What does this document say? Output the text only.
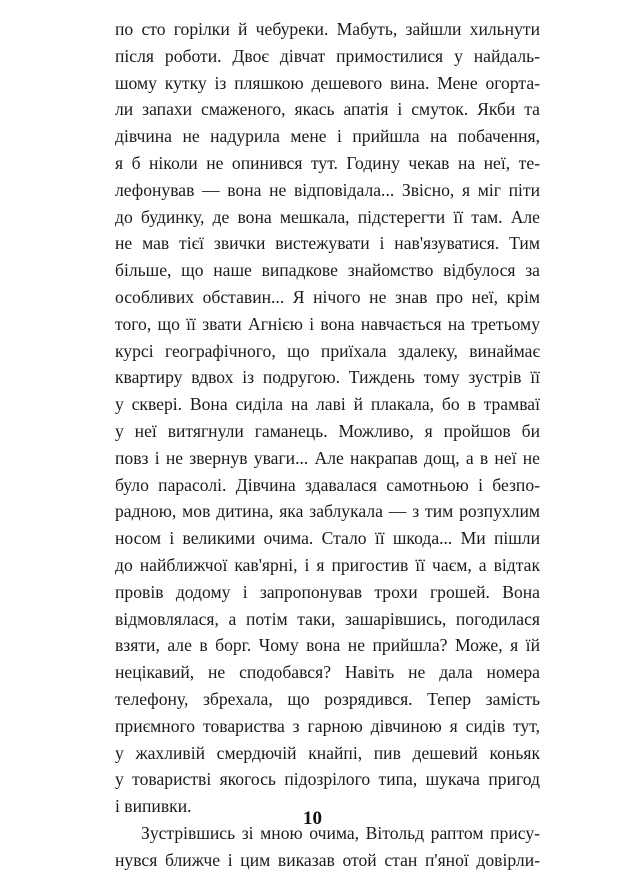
по сто горілки й чебуреки. Мабуть, зайшли хильнути
після роботи. Двоє дівчат примостилися у найдаль-
шому кутку із пляшкою дешевого вина. Мене огорта-
ли запахи смаженого, якась апатія і смуток. Якби та
дівчина не надурила мене і прийшла на побачення,
я б ніколи не опинився тут. Годину чекав на неї, те-
лефонував — вона не відповідала... Звісно, я міг піти
до будинку, де вона мешкала, підстерегти її там. Але
не мав тієї звички вистежувати і нав'язуватися. Тим
більше, що наше випадкове знайомство відбулося за
особливих обставин... Я нічого не знав про неї, крім
того, що її звати Агнією і вона навчається на третьому
курсі географічного, що приїхала здалеку, винаймає
квартиру вдвох із подругою. Тиждень тому зустрів її
у сквері. Вона сиділа на лаві й плакала, бо в трамваї
у неї витягнули гаманець. Можливо, я пройшов би
повз і не звернув уваги... Але накрапав дощ, а в неї не
було парасолі. Дівчина здавалася самотньою і безпо-
радною, мов дитина, яка заблукала — з тим розпухлим
носом і великими очима. Стало її шкода... Ми пішли
до найближчої кав'ярні, і я пригостив її чаєм, а відтак
провів додому і запропонував трохи грошей. Вона
відмовлялася, а потім таки, зашарівшись, погодилася
взяти, але в борг. Чому вона не прийшла? Може, я їй
нецікавий, не сподобався? Навіть не дала номера
телефону, збрехала, що розрядився. Тепер замість
приємного товариства з гарною дівчиною я сидів тут,
у жахливій смердючій кнайпі, пив дешевий коньяк
у товаристві якогось підозрілого типа, шукача пригод
і випивки.
Зустрівшись зі мною очима, Вітольд раптом прису-
нувся ближче і цим виказав отой стан п'яної довірли-
10
